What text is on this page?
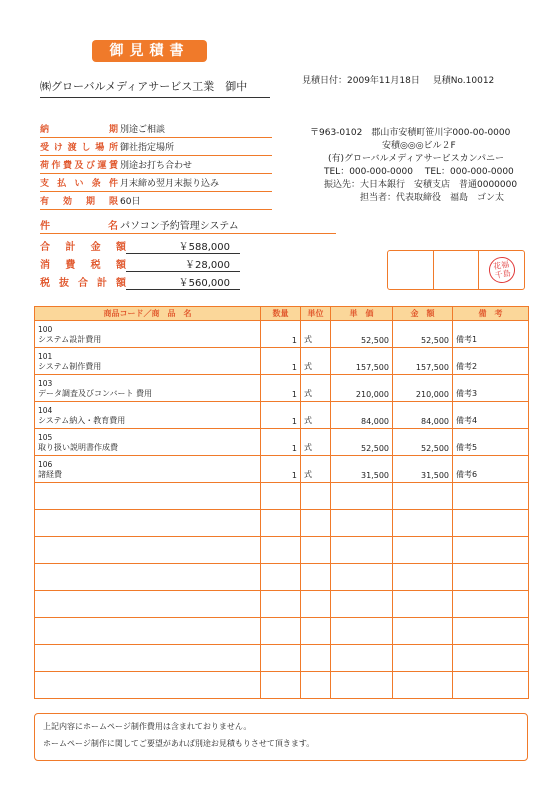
御見積書
㈱グローバルメディアサービス工業　御中	見積日付：2009年11月18日 見積No.10012
納　期 別途ご相談
受け渡し場所 御社指定場所
荷作費及び運賃 別途お打ち合わせ
支払い条件 月末締め翌月末振り込み
有効期限 60日
件　名 パソコン予約管理システム
合計金額	￥588,000
消費税額	￥28,000
税抜合計額	￥560,000
〒963-0102　郡山市安積町笹川字000-00-0000
安積◎◎◎ビル２F
(有)グローバルメディアサービスカンパニー
TEL：000-000-0000　 TEL：000-000-0000
振込先：大日本銀行　安積支店　普通0000000
担当者：代表取締役　福島　ゴン太
花福
千島
商品コード／商　品　名	数量	単位	単　価	金　額	備　考

100
システム設計費用	1	式	52,500	52,500	備考1

101
システム制作費用	1	式	157,500	157,500	備考2

103
データ調査及びコンバート 費用	1	式	210,000	210,000	備考3

104
システム納入・教育費用	1	式	84,000	84,000	備考4

105
取り扱い説明書作成費	1	式	52,500	52,500	備考5

106
諸経費	1	式	31,500	31,500	備考6

上記内容にホームページ制作費用は含まれておりません。
ホームページ制作に関してご要望があれば別途お見積もりさせて頂きます。
